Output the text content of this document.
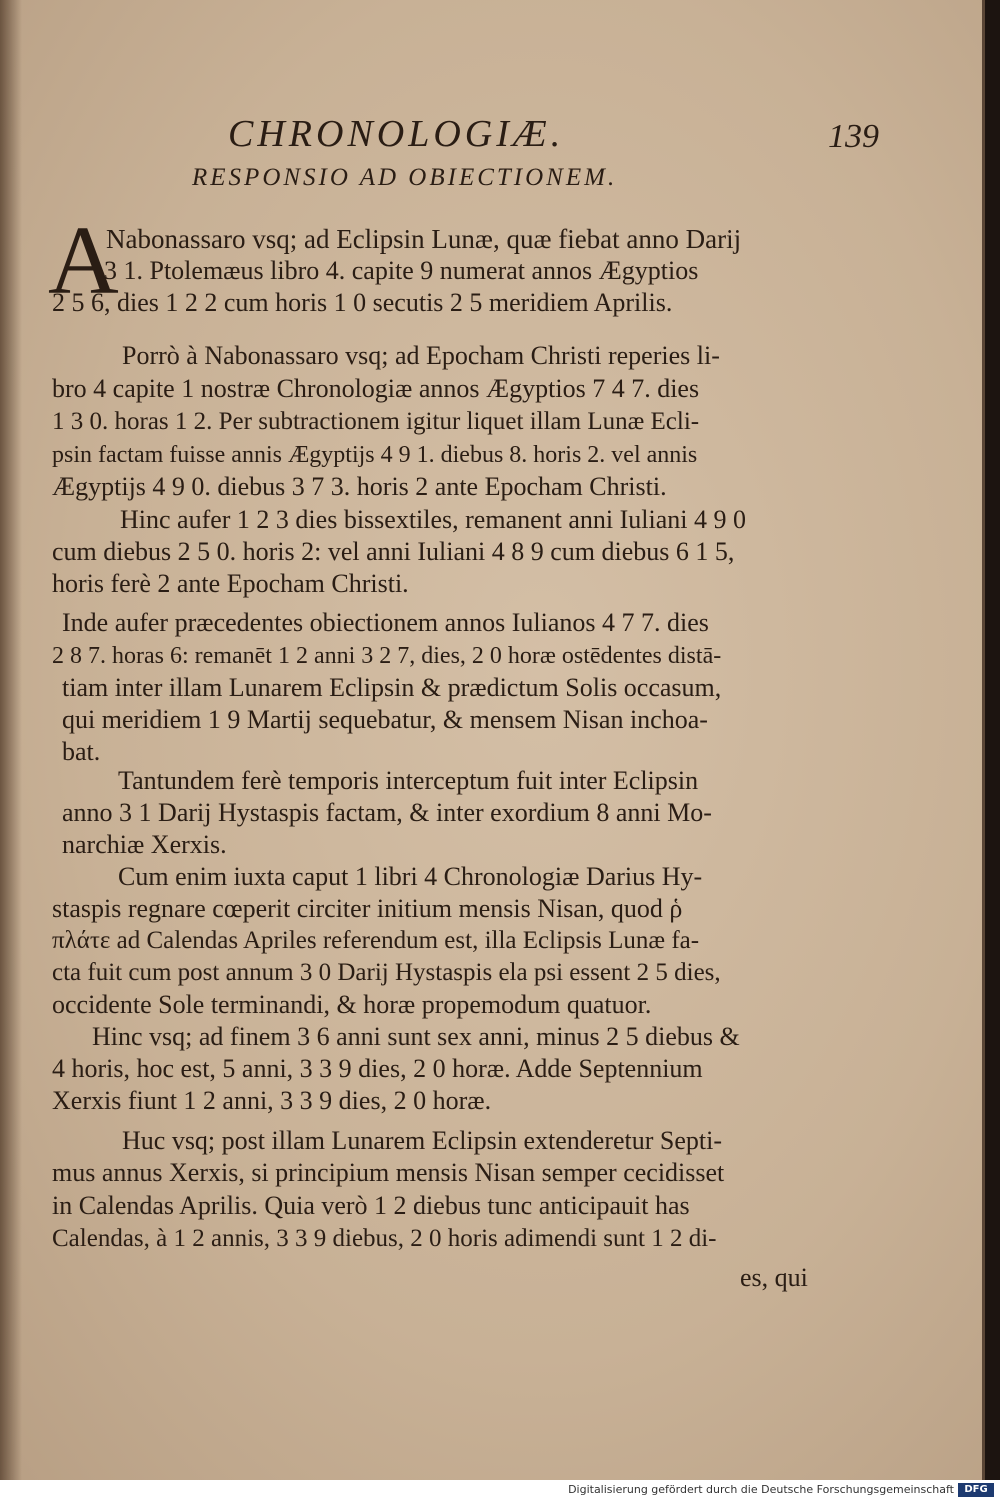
CHRONOLOGIÆ.	139
RESPONSIO AD OBIECTIONEM.
A
Nabonassaro vsq; ad Eclipsin Lunæ, quæ fiebat anno Darij
3 1. Ptolemæus libro 4. capite 9 numerat annos Ægyptios
2 5 6, dies 1 2 2 cum horis 1 0 secutis 2 5 meridiem Aprilis.
Porrò à Nabonassaro vsq; ad Epocham Christi reperies li-
bro 4 capite 1 nostræ Chronologiæ annos Ægyptios 7 4 7. dies
1 3 0. horas 1 2. Per subtractionem igitur liquet illam Lunæ Ecli-
psin factam fuisse annis Ægyptijs 4 9 1. diebus 8. horis 2. vel annis
Ægyptijs 4 9 0. diebus 3 7 3. horis 2 ante Epocham Christi.
Hinc aufer 1 2 3 dies bissextiles, remanent anni Iuliani 4 9 0
cum diebus 2 5 0. horis 2: vel anni Iuliani 4 8 9 cum diebus 6 1 5,
horis ferè 2 ante Epocham Christi.
Inde aufer præcedentes obiectionem annos Iulianos 4 7 7. dies
2 8 7. horas 6: remanēt 1 2 anni 3 2 7, dies, 2 0 horæ ostēdentes distā-
tiam inter illam Lunarem Eclipsin & prædictum Solis occasum,
qui meridiem 1 9 Martij sequebatur, & mensem Nisan inchoa-
bat.
Tantundem ferè temporis interceptum fuit inter Eclipsin
anno 3 1 Darij Hystaspis factam, & inter exordium 8 anni Mo-
narchiæ Xerxis.
Cum enim iuxta caput 1 libri 4 Chronologiæ Darius Hy-
staspis regnare cœperit circiter initium mensis Nisan, quod ῥ
πλάτε ad Calendas Apriles referendum est, illa Eclipsis Lunæ fa-
cta fuit cum post annum 3 0 Darij Hystaspis ela psi essent 2 5 dies,
occidente Sole terminandi, & horæ propemodum quatuor.
Hinc vsq; ad finem 3 6 anni sunt sex anni, minus 2 5 diebus &
4 horis, hoc est, 5 anni, 3 3 9 dies, 2 0 horæ. Adde Septennium
Xerxis fiunt 1 2 anni, 3 3 9 dies, 2 0 horæ.
Huc vsq; post illam Lunarem Eclipsin extenderetur Septi-
mus annus Xerxis, si principium mensis Nisan semper cecidisset
in Calendas Aprilis. Quia verò 1 2 diebus tunc anticipauit has
Calendas, à 1 2 annis, 3 3 9 diebus, 2 0 horis adimendi sunt 1 2 di-
es, qui
Digitalisierung gefördert durch die Deutsche Forschungsgemeinschaft	DFG
